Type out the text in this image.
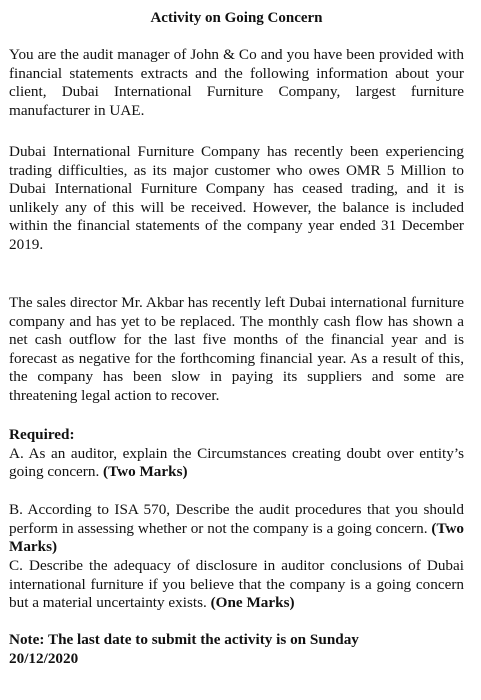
Activity on Going Concern

You are the audit manager of John & Co and you have been provided with financial statements extracts and the following information about your client, Dubai International Furniture Company, largest furniture manufacturer in UAE.

Dubai International Furniture Company has recently been experiencing trading difficulties, as its major customer who owes OMR 5 Million to Dubai International Furniture Company has ceased trading, and it is unlikely any of this will be received. However, the balance is included within the financial statements of the company year ended 31 December 2019.

The sales director Mr. Akbar has recently left Dubai international furniture company and has yet to be replaced. The monthly cash flow has shown a net cash outflow for the last five months of the financial year and is forecast as negative for the forthcoming financial year. As a result of this, the company has been slow in paying its suppliers and some are threatening legal action to recover.

Required:
A. As an auditor, explain the Circumstances creating doubt over entity’s going concern. (Two Marks)
B. According to ISA 570, Describe the audit procedures that you should perform in assessing whether or not the company is a going concern. (Two Marks)
C. Describe the adequacy of disclosure in auditor conclusions of Dubai international furniture if you believe that the company is a going concern but a material uncertainty exists. (One Marks)
Note: The last date to submit the activity is on Sunday
20/12/2020
